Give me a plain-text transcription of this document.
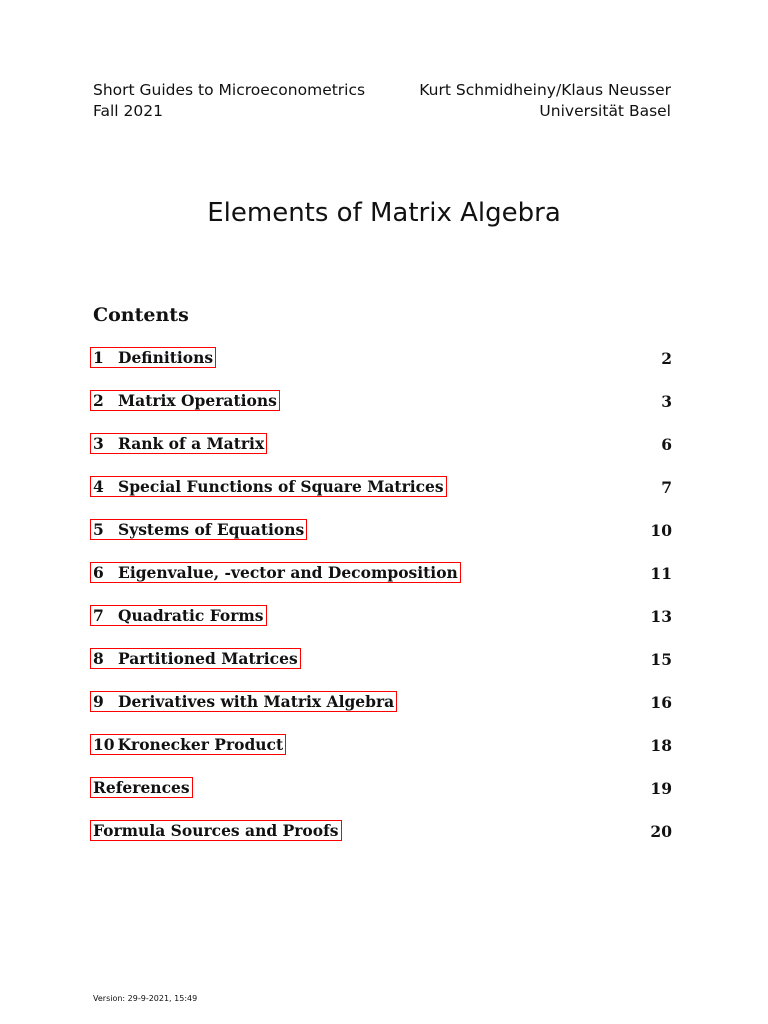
Short Guides to Microeconometrics
Fall 2021
Kurt Schmidheiny/Klaus Neusser
Universität Basel
Elements of Matrix Algebra
Contents
1 Definitions	2
2 Matrix Operations	3
3 Rank of a Matrix	6
4 Special Functions of Square Matrices	7
5 Systems of Equations	10
6 Eigenvalue, -vector and Decomposition	11
7 Quadratic Forms	13
8 Partitioned Matrices	15
9 Derivatives with Matrix Algebra	16
10 Kronecker Product	18
References	19
Formula Sources and Proofs	20
Version: 29-9-2021, 15:49
